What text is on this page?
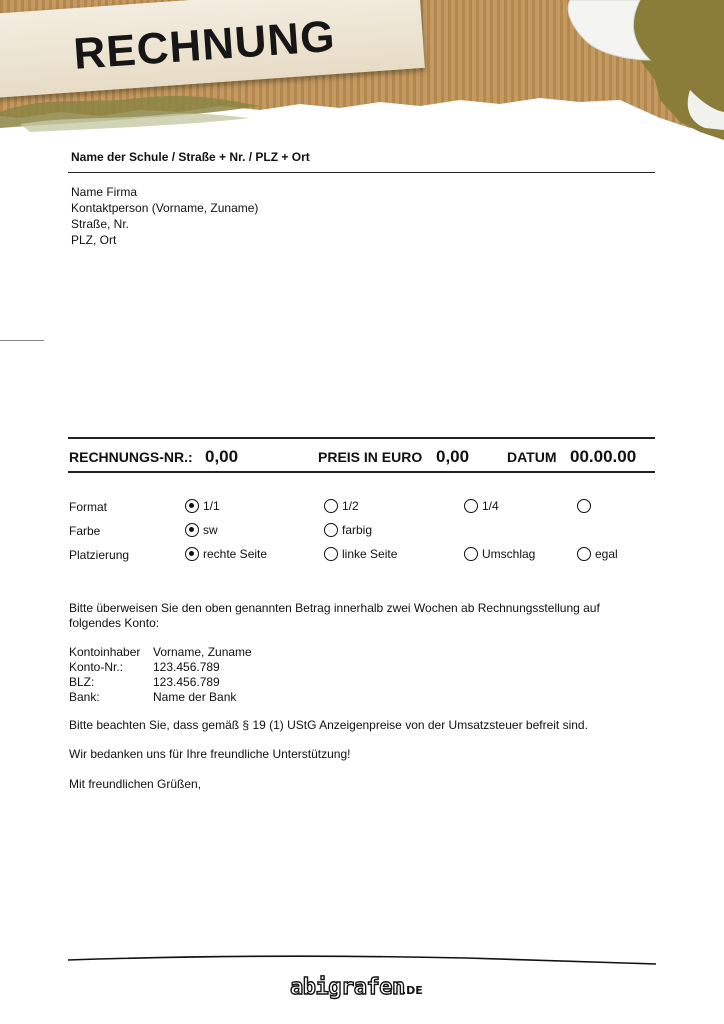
RECHNUNG
Name der Schule / Straße + Nr. / PLZ + Ort
Name Firma
Kontaktperson (Vorname, Zuname)
Straße, Nr.
PLZ, Ort
RECHNUNGS-NR.: 0,00	PREIS IN EURO 0,00	DATUM 00.00.00
Format	1/1	1/2	1/4
Farbe	sw	farbig
Platzierung	rechte Seite	linke Seite	Umschlag	egal
Bitte überweisen Sie den oben genannten Betrag innerhalb zwei Wochen ab Rechnungsstellung auf folgendes Konto:
Kontoinhaber Vorname, Zuname
Konto-Nr.: 123.456.789
BLZ:	123.456.789
Bank:	Name der Bank
Bitte beachten Sie, dass gemäß § 19 (1) UStG Anzeigenpreise von der Umsatzsteuer befreit sind.
Wir bedanken uns für Ihre freundliche Unterstützung!
Mit freundlichen Grüßen,
abigrafen
.DE
